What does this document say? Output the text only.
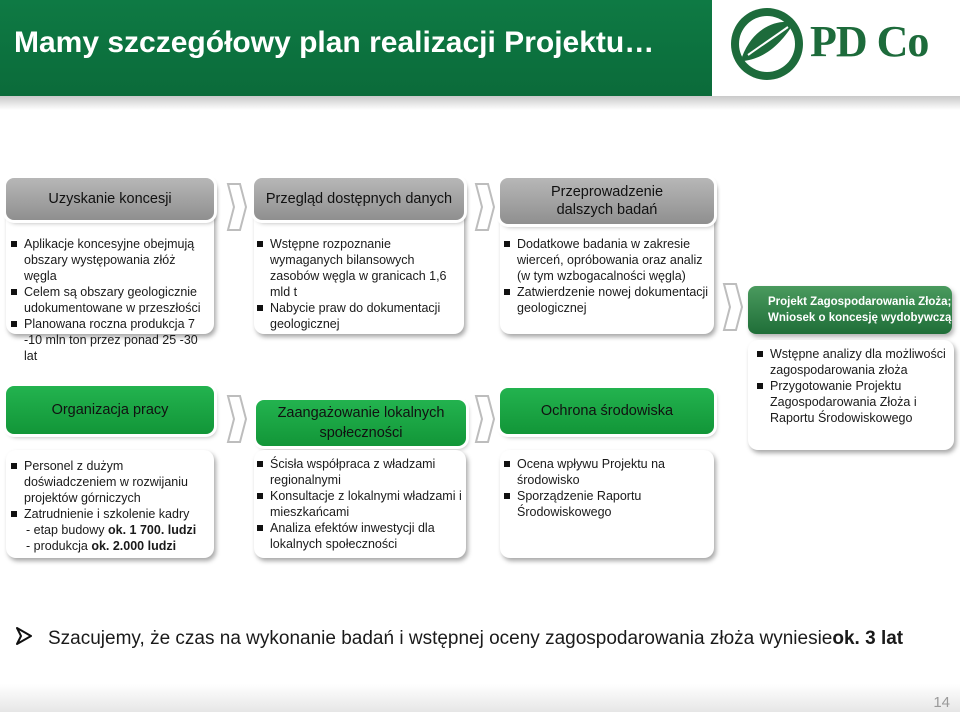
Mamy szczegółowy plan realizacji Projektu…	PD Co
Uzyskanie koncesji
Aplikacje koncesyjne obejmują obszary występowania złóż węgla
Celem są obszary geologicznie udokumentowane w przeszłości
Planowana roczna produkcja 7 -10 mln ton przez ponad 25 -30 lat
Przegląd dostępnych danych
Wstępne rozpoznanie wymaganych bilansowych zasobów węgla w granicach 1,6 mld t
Nabycie praw do dokumentacji geologicznej
Przeprowadzenie dalszych badań
Dodatkowe badania w zakresie wierceń, opróbowania oraz analiz (w tym wzbogacalności węgla)
Zatwierdzenie nowej dokumentacji geologicznej	Projekt Zagospodarowania Złoża; Wniosek o koncesję wydobywczą
Wstępne analizy dla możliwości zagospodarowania złoża
Przygotowanie Projektu Zagospodarowania Złoża i Raportu Środowiskowego
Organizacja pracy
Personel z dużym doświadczeniem w rozwijaniu projektów górniczych
Zatrudnienie i szkolenie kadry
- etap budowy ok. 1 700. ludzi
- produkcja ok. 2.000 ludzi
Zaangażowanie lokalnych społeczności
Ścisła współpraca z władzami regionalnymi
Konsultacje z lokalnymi władzami i mieszkańcami
Analiza efektów inwestycji dla lokalnych społeczności
Ochrona środowiska
Ocena wpływu Projektu na środowisko
Sporządzenie Raportu Środowiskowego
Szacujemy, że czas na wykonanie badań i wstępnej oceny zagospodarowania złoża wyniesie ok. 3 lat
14
